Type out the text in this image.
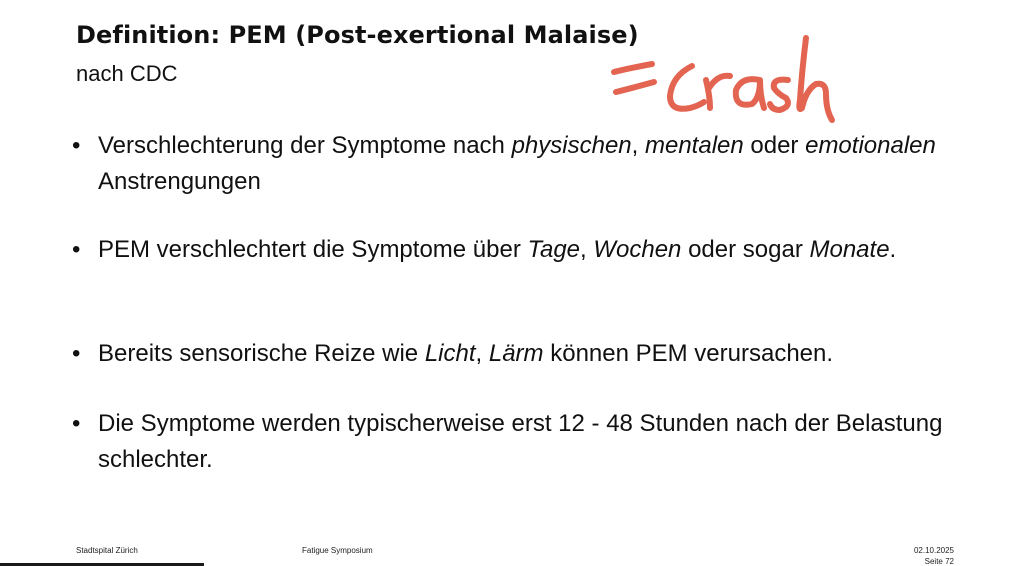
Definition: PEM (Post-exertional Malaise)
nach CDC
• Verschlechterung der Symptome nach physischen, mentalen oder emotionalen Anstrengungen
• PEM verschlechtert die Symptome über Tage, Wochen oder sogar Monate.
• Bereits sensorische Reize wie Licht, Lärm können PEM verursachen.
• Die Symptome werden typischerweise erst 12 - 48 Stunden nach der Belastung schlechter.
Stadtspital Zürich	Fatigue Symposium	02.10.2025
Seite 72
